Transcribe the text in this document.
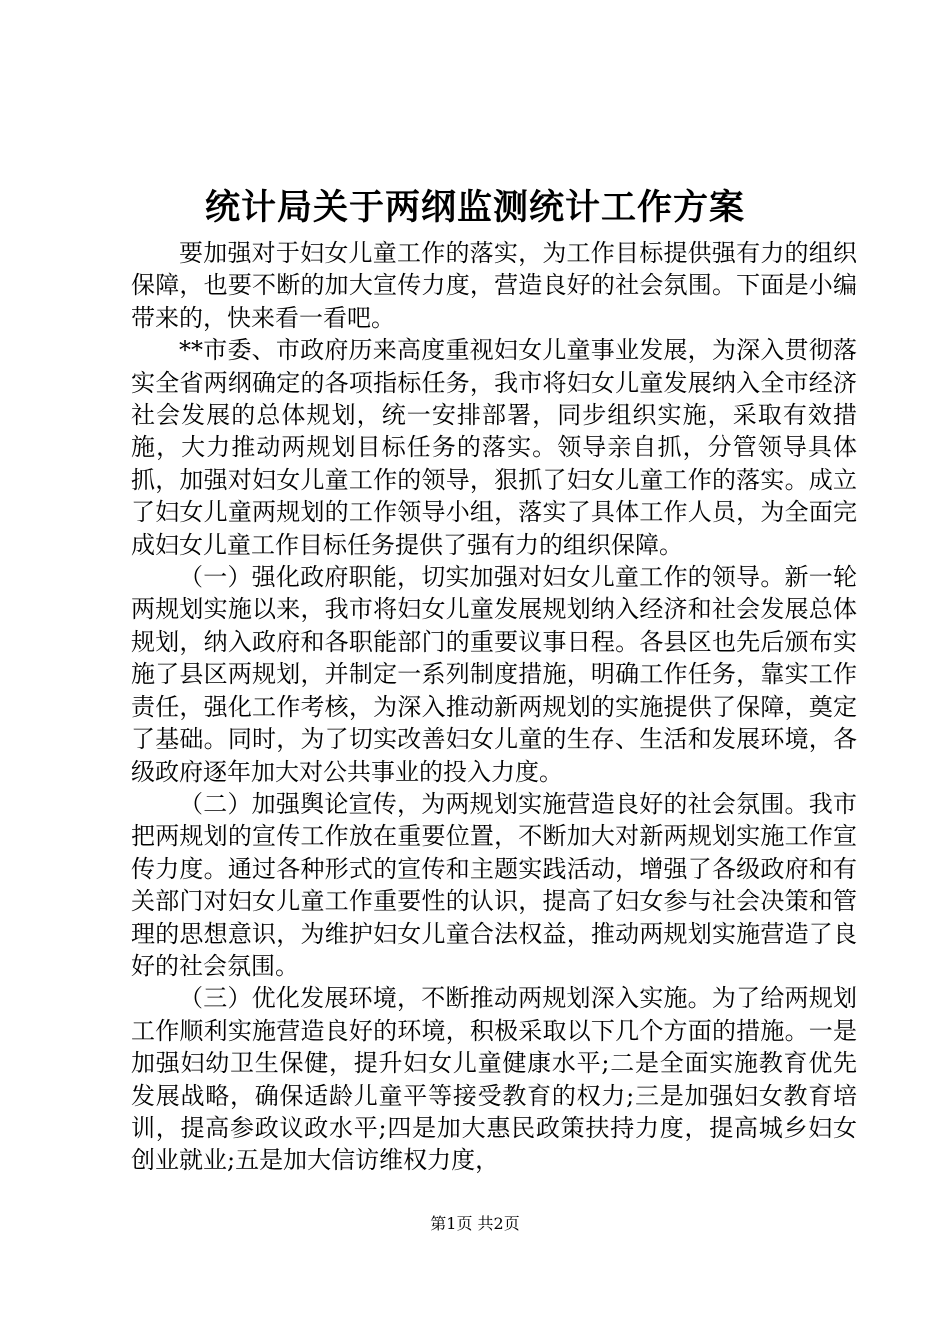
统计局关于两纲监测统计工作方案

要加强对于妇女儿童工作的落实，为工作目标提供强有力的组织保障，也要不断的加大宣传力度，营造良好的社会氛围。下面是小编带来的，快来看一看吧。

**市委、市政府历来高度重视妇女儿童事业发展，为深入贯彻落实全省两纲确定的各项指标任务，我市将妇女儿童发展纳入全市经济社会发展的总体规划，统一安排部署，同步组织实施，采取有效措施，大力推动两规划目标任务的落实。领导亲自抓，分管领导具体抓，加强对妇女儿童工作的领导，狠抓了妇女儿童工作的落实。成立了妇女儿童两规划的工作领导小组，落实了具体工作人员，为全面完成妇女儿童工作目标任务提供了强有力的组织保障。

（一）强化政府职能，切实加强对妇女儿童工作的领导。新一轮两规划实施以来，我市将妇女儿童发展规划纳入经济和社会发展总体规划，纳入政府和各职能部门的重要议事日程。各县区也先后颁布实施了县区两规划，并制定一系列制度措施，明确工作任务，靠实工作责任，强化工作考核，为深入推动新两规划的实施提供了保障，奠定了基础。同时，为了切实改善妇女儿童的生存、生活和发展环境，各级政府逐年加大对公共事业的投入力度。

（二）加强舆论宣传，为两规划实施营造良好的社会氛围。我市把两规划的宣传工作放在重要位置，不断加大对新两规划实施工作宣传力度。通过各种形式的宣传和主题实践活动，增强了各级政府和有关部门对妇女儿童工作重要性的认识，提高了妇女参与社会决策和管理的思想意识，为维护妇女儿童合法权益，推动两规划实施营造了良好的社会氛围。

（三）优化发展环境，不断推动两规划深入实施。为了给两规划工作顺利实施营造良好的环境，积极采取以下几个方面的措施。一是加强妇幼卫生保健，提升妇女儿童健康水平;二是全面实施教育优先发展战略，确保适龄儿童平等接受教育的权力;三是加强妇女教育培训，提高参政议政水平;四是加大惠民政策扶持力度，提高城乡妇女创业就业;五是加大信访维权力度，

第1页 共2页
